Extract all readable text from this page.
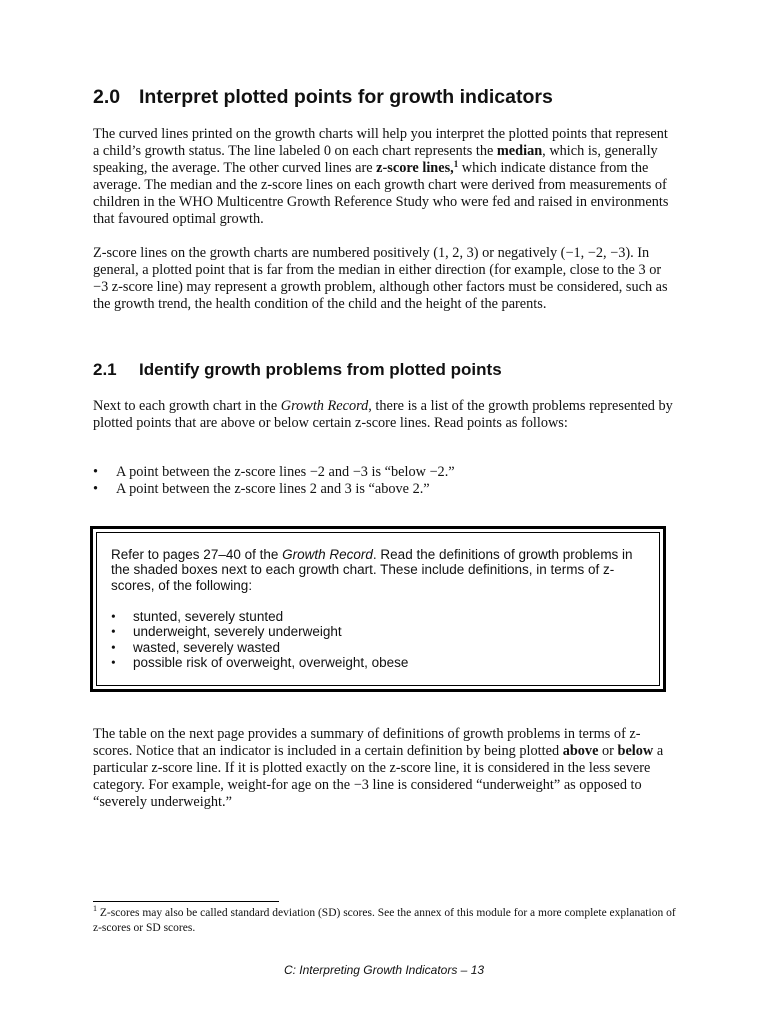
2.0 Interpret plotted points for growth indicators

The curved lines printed on the growth charts will help you interpret the plotted points that represent a child’s growth status. The line labeled 0 on each chart represents the median, which is, generally speaking, the average. The other curved lines are z-score lines,$^1$ which indicate distance from the average. The median and the z-score lines on each growth chart were derived from measurements of children in the WHO Multicentre Growth Reference Study who were fed and raised in environments that favoured optimal growth.

Z-score lines on the growth charts are numbered positively (1, 2, 3) or negatively (−1, −2, −3). In general, a plotted point that is far from the median in either direction (for example, close to the 3 or −3 z-score line) may represent a growth problem, although other factors must be considered, such as the growth trend, the health condition of the child and the height of the parents.

2.1 Identify growth problems from plotted points

Next to each growth chart in the Growth Record, there is a list of the growth problems represented by plotted points that are above or below certain z-score lines. Read points as follows:

• A point between the z-score lines −2 and −3 is “below −2.”
• A point between the z-score lines 2 and 3 is “above 2.”

Refer to pages 27–40 of the Growth Record. Read the definitions of growth problems in the shaded boxes next to each growth chart. These include definitions, in terms of z-scores, of the following:

• stunted, severely stunted
• underweight, severely underweight
• wasted, severely wasted
• possible risk of overweight, overweight, obese

The table on the next page provides a summary of definitions of growth problems in terms of z-scores. Notice that an indicator is included in a certain definition by being plotted above or below a particular z-score line. If it is plotted exactly on the z-score line, it is considered in the less severe category. For example, weight-for age on the −3 line is considered “underweight” as opposed to “severely underweight.”

$^1$ Z-scores may also be called standard deviation (SD) scores. See the annex of this module for a more complete explanation of z-scores or SD scores.

C: Interpreting Growth Indicators – 13
